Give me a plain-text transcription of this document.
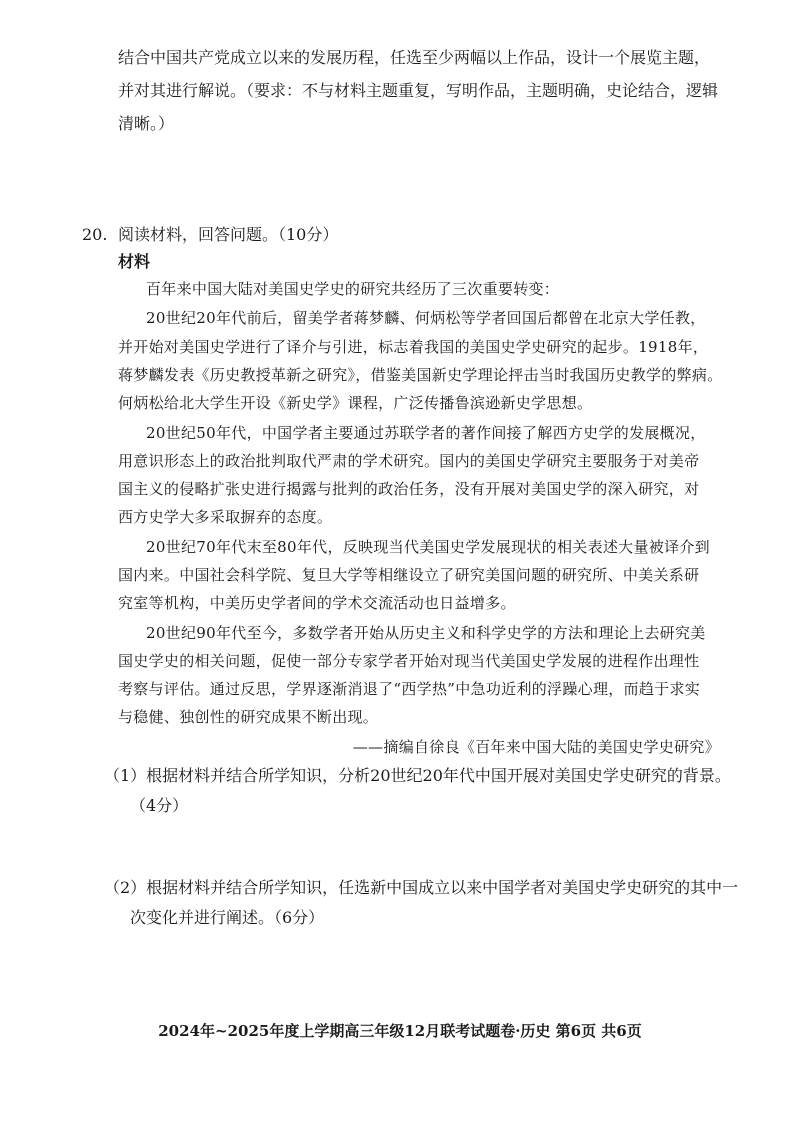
结合中国共产党成立以来的发展历程，任选至少两幅以上作品，设计一个展览主题，
并对其进行解说。（要求：不与材料主题重复，写明作品，主题明确，史论结合，逻辑
清晰。）
20. 阅读材料，回答问题。（10分）
材料
百年来中国大陆对美国史学史的研究共经历了三次重要转变：
20世纪20年代前后，留美学者蒋梦麟、何炳松等学者回国后都曾在北京大学任教，
并开始对美国史学进行了译介与引进，标志着我国的美国史学史研究的起步。1918年，
蒋梦麟发表《历史教授革新之研究》，借鉴美国新史学理论抨击当时我国历史教学的弊病。
何炳松给北大学生开设《新史学》课程，广泛传播鲁滨逊新史学思想。
20世纪50年代，中国学者主要通过苏联学者的著作间接了解西方史学的发展概况，
用意识形态上的政治批判取代严肃的学术研究。国内的美国史学研究主要服务于对美帝
国主义的侵略扩张史进行揭露与批判的政治任务，没有开展对美国史学的深入研究，对
西方史学大多采取摒弃的态度。
20世纪70年代末至80年代，反映现当代美国史学发展现状的相关表述大量被译介到
国内来。中国社会科学院、复旦大学等相继设立了研究美国问题的研究所、中美关系研
究室等机构，中美历史学者间的学术交流活动也日益增多。
20世纪90年代至今，多数学者开始从历史主义和科学史学的方法和理论上去研究美
国史学史的相关问题，促使一部分专家学者开始对现当代美国史学发展的进程作出理性
考察与评估。通过反思，学界逐渐消退了“西学热”中急功近利的浮躁心理，而趋于求实
与稳健、独创性的研究成果不断出现。
——摘编自徐良《百年来中国大陆的美国史学史研究》
（1）根据材料并结合所学知识，分析20世纪20年代中国开展对美国史学史研究的背景。
（4分）
（2）根据材料并结合所学知识，任选新中国成立以来中国学者对美国史学史研究的其中一
次变化并进行阐述。（6分）
2024年~2025年度上学期高三年级12月联考试题卷·历史 第6页 共6页
